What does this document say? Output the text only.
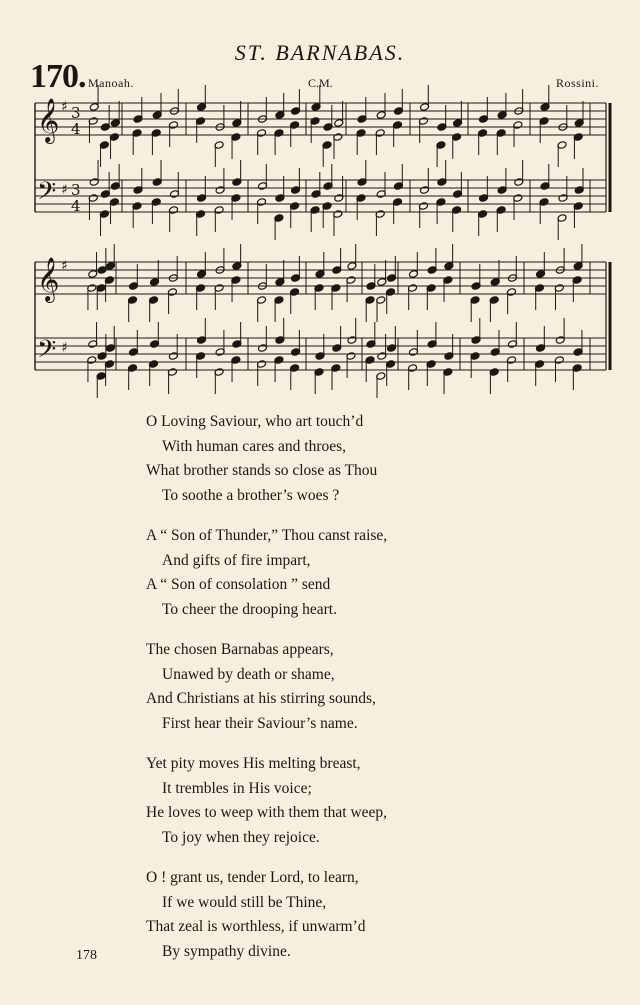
ST. BARNABAS.
170. Manoah.	C.M.	Rossini.
𝄞
𝄢
♯
♯
3
4
3
4
𝄞
𝄢
♯
♯
O Loving Saviour, who art touch’d
With human cares and throes,
What brother stands so close as Thou
To soothe a brother’s woes ?
A “ Son of Thunder,” Thou canst raise,
And gifts of fire impart,
A “ Son of consolation ” send
To cheer the drooping heart.
The chosen Barnabas appears,
Unawed by death or shame,
And Christians at his stirring sounds,
First hear their Saviour’s name.
Yet pity moves His melting breast,
It trembles in His voice;
He loves to weep with them that weep,
To joy when they rejoice.
O ! grant us, tender Lord, to learn,
If we would still be Thine,
That zeal is worthless, if unwarm’d
By sympathy divine.
178
